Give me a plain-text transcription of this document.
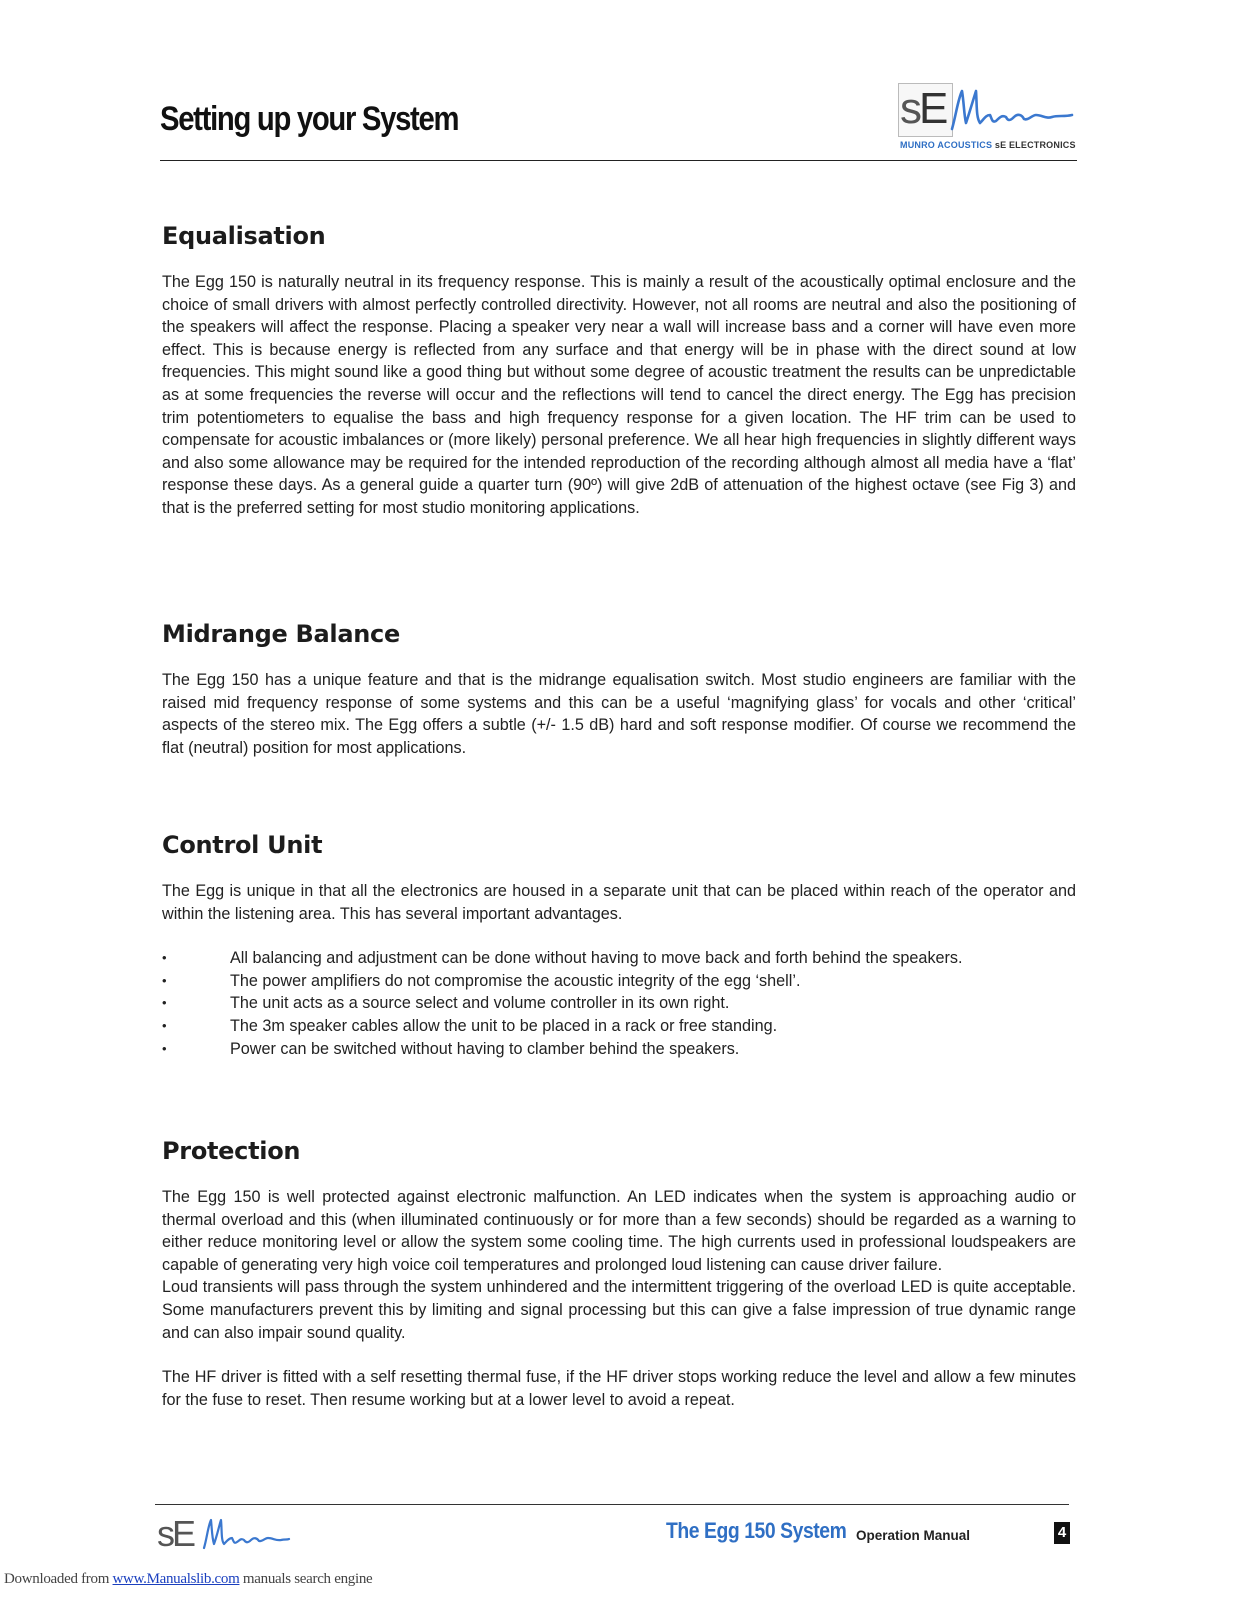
Setting up your System	sE
MUNRO ACOUSTICS sE ELECTRONICS
Equalisation

The Egg 150 is naturally neutral in its frequency response. This is mainly a result of the acoustically optimal enclosure and the choice of small drivers with almost perfectly controlled directivity. However, not all rooms are neutral and also the positioning of the speakers will affect the response. Placing a speaker very near a wall will increase bass and a corner will have even more effect. This is because energy is reflected from any surface and that energy will be in phase with the direct sound at low frequencies. This might sound like a good thing but without some degree of acoustic treatment the results can be unpredictable as at some frequencies the reverse will occur and the reflections will tend to cancel the direct energy. The Egg has precision trim potentiometers to equalise the bass and high frequency response for a given location. The HF trim can be used to compensate for acoustic imbalances or (more likely) personal preference. We all hear high frequencies in slightly different ways and also some allowance may be required for the intended reproduction of the recording although almost all media have a ‘flat’ response these days. As a general guide a quarter turn (90º) will give 2dB of attenuation of the highest octave (see Fig 3) and that is the preferred setting for most studio monitoring applications.

Midrange Balance

The Egg 150 has a unique feature and that is the midrange equalisation switch. Most studio engineers are familiar with the raised mid frequency response of some systems and this can be a useful ‘magnifying glass’ for vocals and other ‘critical’ aspects of the stereo mix. The Egg offers a subtle (+/- 1.5 dB) hard and soft response modifier. Of course we recommend the flat (neutral) position for most applications.

Control Unit

The Egg is unique in that all the electronics are housed in a separate unit that can be placed within reach of the operator and within the listening area. This has several important advantages.

• All balancing and adjustment can be done without having to move back and forth behind the speakers.
• The power amplifiers do not compromise the acoustic integrity of the egg ‘shell’.
• The unit acts as a source select and volume controller in its own right.
• The 3m speaker cables allow the unit to be placed in a rack or free standing.
• Power can be switched without having to clamber behind the speakers.
Protection

The Egg 150 is well protected against electronic malfunction. An LED indicates when the system is approaching audio or thermal overload and this (when illuminated continuously or for more than a few seconds) should be regarded as a warning to either reduce monitoring level or allow the system some cooling time. The high currents used in professional loudspeakers are capable of generating very high voice coil temperatures and prolonged loud listening can cause driver failure.

Loud transients will pass through the system unhindered and the intermittent triggering of the overload LED is quite acceptable. Some manufacturers prevent this by limiting and signal processing but this can give a false impression of true dynamic range and can also impair sound quality.

The HF driver is fitted with a self resetting thermal fuse, if the HF driver stops working reduce the level and allow a few minutes for the fuse to reset. Then resume working but at a lower level to avoid a repeat.

sE	The Egg 150 System Operation Manual	4
Downloaded from www.Manualslib.com manuals search engine
